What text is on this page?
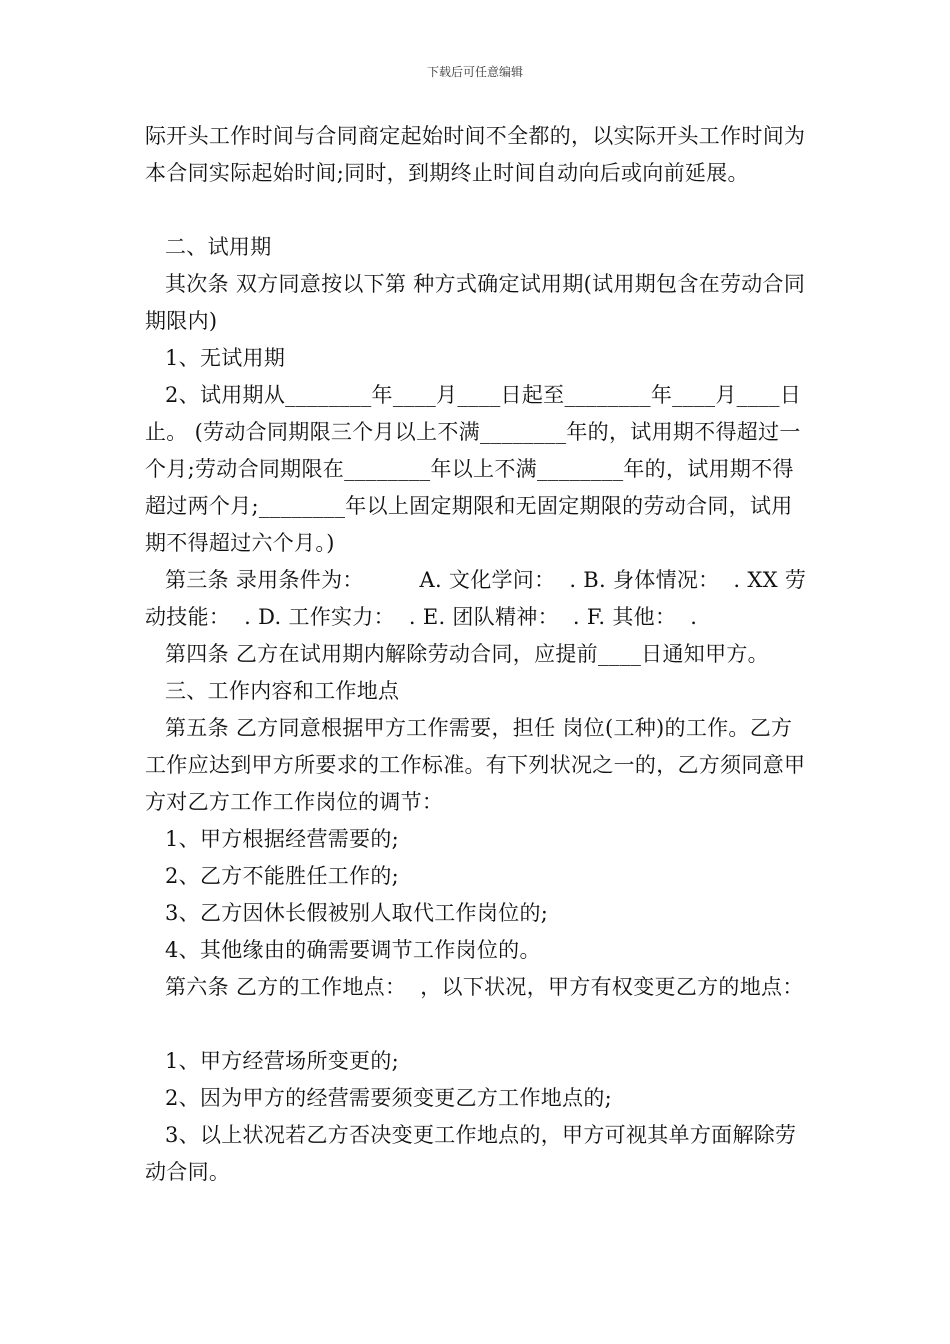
下载后可任意编辑

际开头工作时间与合同商定起始时间不全都的，以实际开头工作时间为本合同实际起始时间;同时，到期终止时间自动向后或向前延展。

二、试用期

其次条 双方同意按以下第 种方式确定试用期(试用期包含在劳动合同期限内)

1、无试用期

2、试用期从________年____月____日起至________年____月____日止。 (劳动合同期限三个月以上不满________年的，试用期不得超过一个月;劳动合同期限在________年以上不满________年的，试用期不得超过两个月;________年以上固定期限和无固定期限的劳动合同，试用期不得超过六个月。)

第三条 录用条件为：        A. 文化学问：  . B. 身体情况：  . XX 劳动技能：  . D. 工作实力：  . E. 团队精神：  . F. 其他：  .

第四条 乙方在试用期内解除劳动合同，应提前____日通知甲方。

三、工作内容和工作地点

第五条 乙方同意根据甲方工作需要，担任 岗位(工种)的工作。乙方工作应达到甲方所要求的工作标准。有下列状况之一的，乙方须同意甲方对乙方工作工作岗位的调节：

1、甲方根据经营需要的;

2、乙方不能胜任工作的;

3、乙方因休长假被别人取代工作岗位的;

4、其他缘由的确需要调节工作岗位的。

第六条 乙方的工作地点：  ，以下状况，甲方有权变更乙方的地点：

1、甲方经营场所变更的;

2、因为甲方的经营需要须变更乙方工作地点的;

3、以上状况若乙方否决变更工作地点的，甲方可视其单方面解除劳动合同。
